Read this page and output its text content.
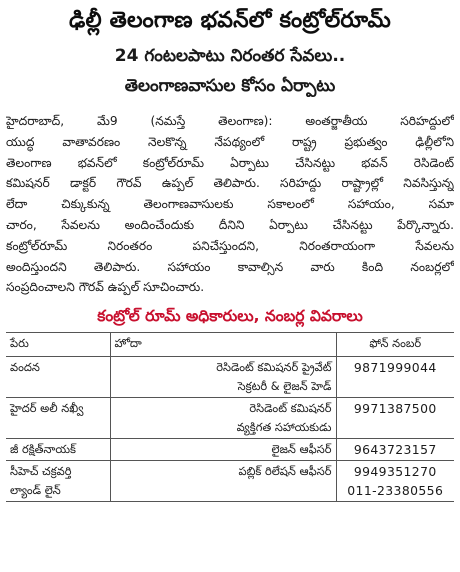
ఢిల్లీ తెలంగాణ భవన్‌లో కంట్రోల్‌రూమ్
24 గంటలపాటు నిరంతర సేవలు..
తెలంగాణవాసుల కోసం ఏర్పాటు
హైదరాబాద్, మే9 (నమస్తే తెలంగాణ): అంతర్జాతీయ సరిహద్దులో
యుద్ధ వాతావరణం నెలకొన్న నేపథ్యంలో రాష్ట్ర ప్రభుత్వం ఢిల్లీలోని
తెలంగాణ భవన్‌లో కంట్రోల్‌రూమ్ ఏర్పాటు చేసినట్టు భవన్ రెసిడెంట్
కమిషనర్ డాక్టర్ గౌరవ్ ఉప్పల్ తెలిపారు. సరిహద్దు రాష్ట్రాల్లో నివసిస్తున్న
లేదా చిక్కుకున్న తెలంగాణవాసులకు సకాలంలో సహాయం, సమా
చారం, సేవలను అందించేందుకు దీనిని ఏర్పాటు చేసినట్టు పేర్కొన్నారు.
కంట్రోల్‌రూమ్ నిరంతరం పనిచేస్తుందని, నిరంతరాయంగా సేవలను
అందిస్తుందని తెలిపారు. సహాయం కావాల్సిన వారు కింది నంబర్లలో
సంప్రదించాలని గౌరవ్ ఉప్పల్ సూచించారు.
కంట్రోల్ రూమ్ అధికారులు, నంబర్ల వివరాలు
పేరు	హోదా	ఫోన్ నంబర్

వందన	రెసిడెంట్ కమిషనర్ ప్రైవేట్
సెక్రటరీ & లైజన్ హెడ్	9871999044

హైదర్ అలీ నఖ్వీ	రెసిడెంట్ కమిషనర్
వ్యక్తిగత సహాయకుడు	9971387500

జీ రక్షిత్‌నాయక్	లైజన్ ఆఫీసర్	9643723157

సీహెచ్ చక్రవర్తి
ల్యాండ్ లైన్	పబ్లిక్ రిలేషన్ ఆఫీసర్	9949351270
011-23380556
